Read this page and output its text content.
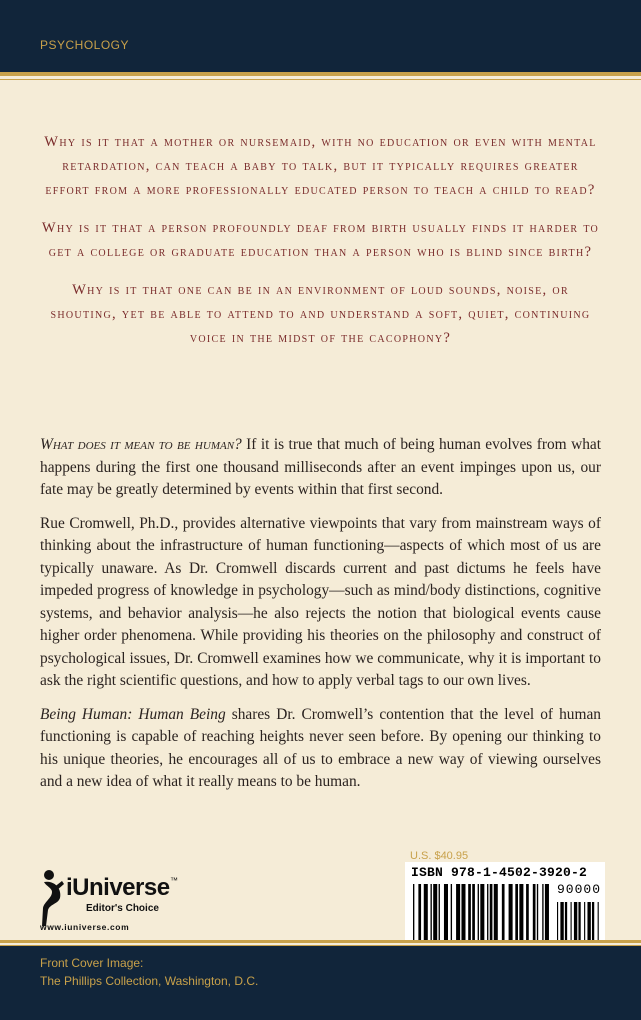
PSYCHOLOGY

Why is it that a mother or nursemaid, with no education or even with mental retardation, can teach a baby to talk, but it typically requires greater effort from a more professionally educated person to teach a child to read?

Why is it that a person profoundly deaf from birth usually finds it harder to get a college or graduate education than a person who is blind since birth?

Why is it that one can be in an environment of loud sounds, noise, or shouting, yet be able to attend to and understand a soft, quiet, continuing voice in the midst of the cacophony?

What does it mean to be human? If it is true that much of being human evolves from what happens during the first one thousand milliseconds after an event impinges upon us, our fate may be greatly determined by events within that first second.

Rue Cromwell, Ph.D., provides alternative viewpoints that vary from mainstream ways of thinking about the infrastructure of human functioning—aspects of which most of us are typically unaware. As Dr. Cromwell discards current and past dictums he feels have impeded progress of knowledge in psychology—such as mind/body distinctions, cognitive systems, and behavior analysis—he also rejects the notion that biological events cause higher order phenomena. While providing his theories on the philosophy and construct of psychological issues, Dr. Cromwell examines how we communicate, why it is important to ask the right scientific questions, and how to apply verbal tags to our own lives.

Being Human: Human Being shares Dr. Cromwell’s contention that the level of human functioning is capable of reaching heights never seen before. By opening our thinking to his unique theories, he encourages all of us to embrace a new way of viewing ourselves and a new idea of what it really means to be human.

iUniverse ™
Editor's Choice
www.iuniverse.com
U.S. $40.95
ISBN 978-1-4502-3920-2
90000
Front Cover Image:
The Phillips Collection, Washington, D.C.
